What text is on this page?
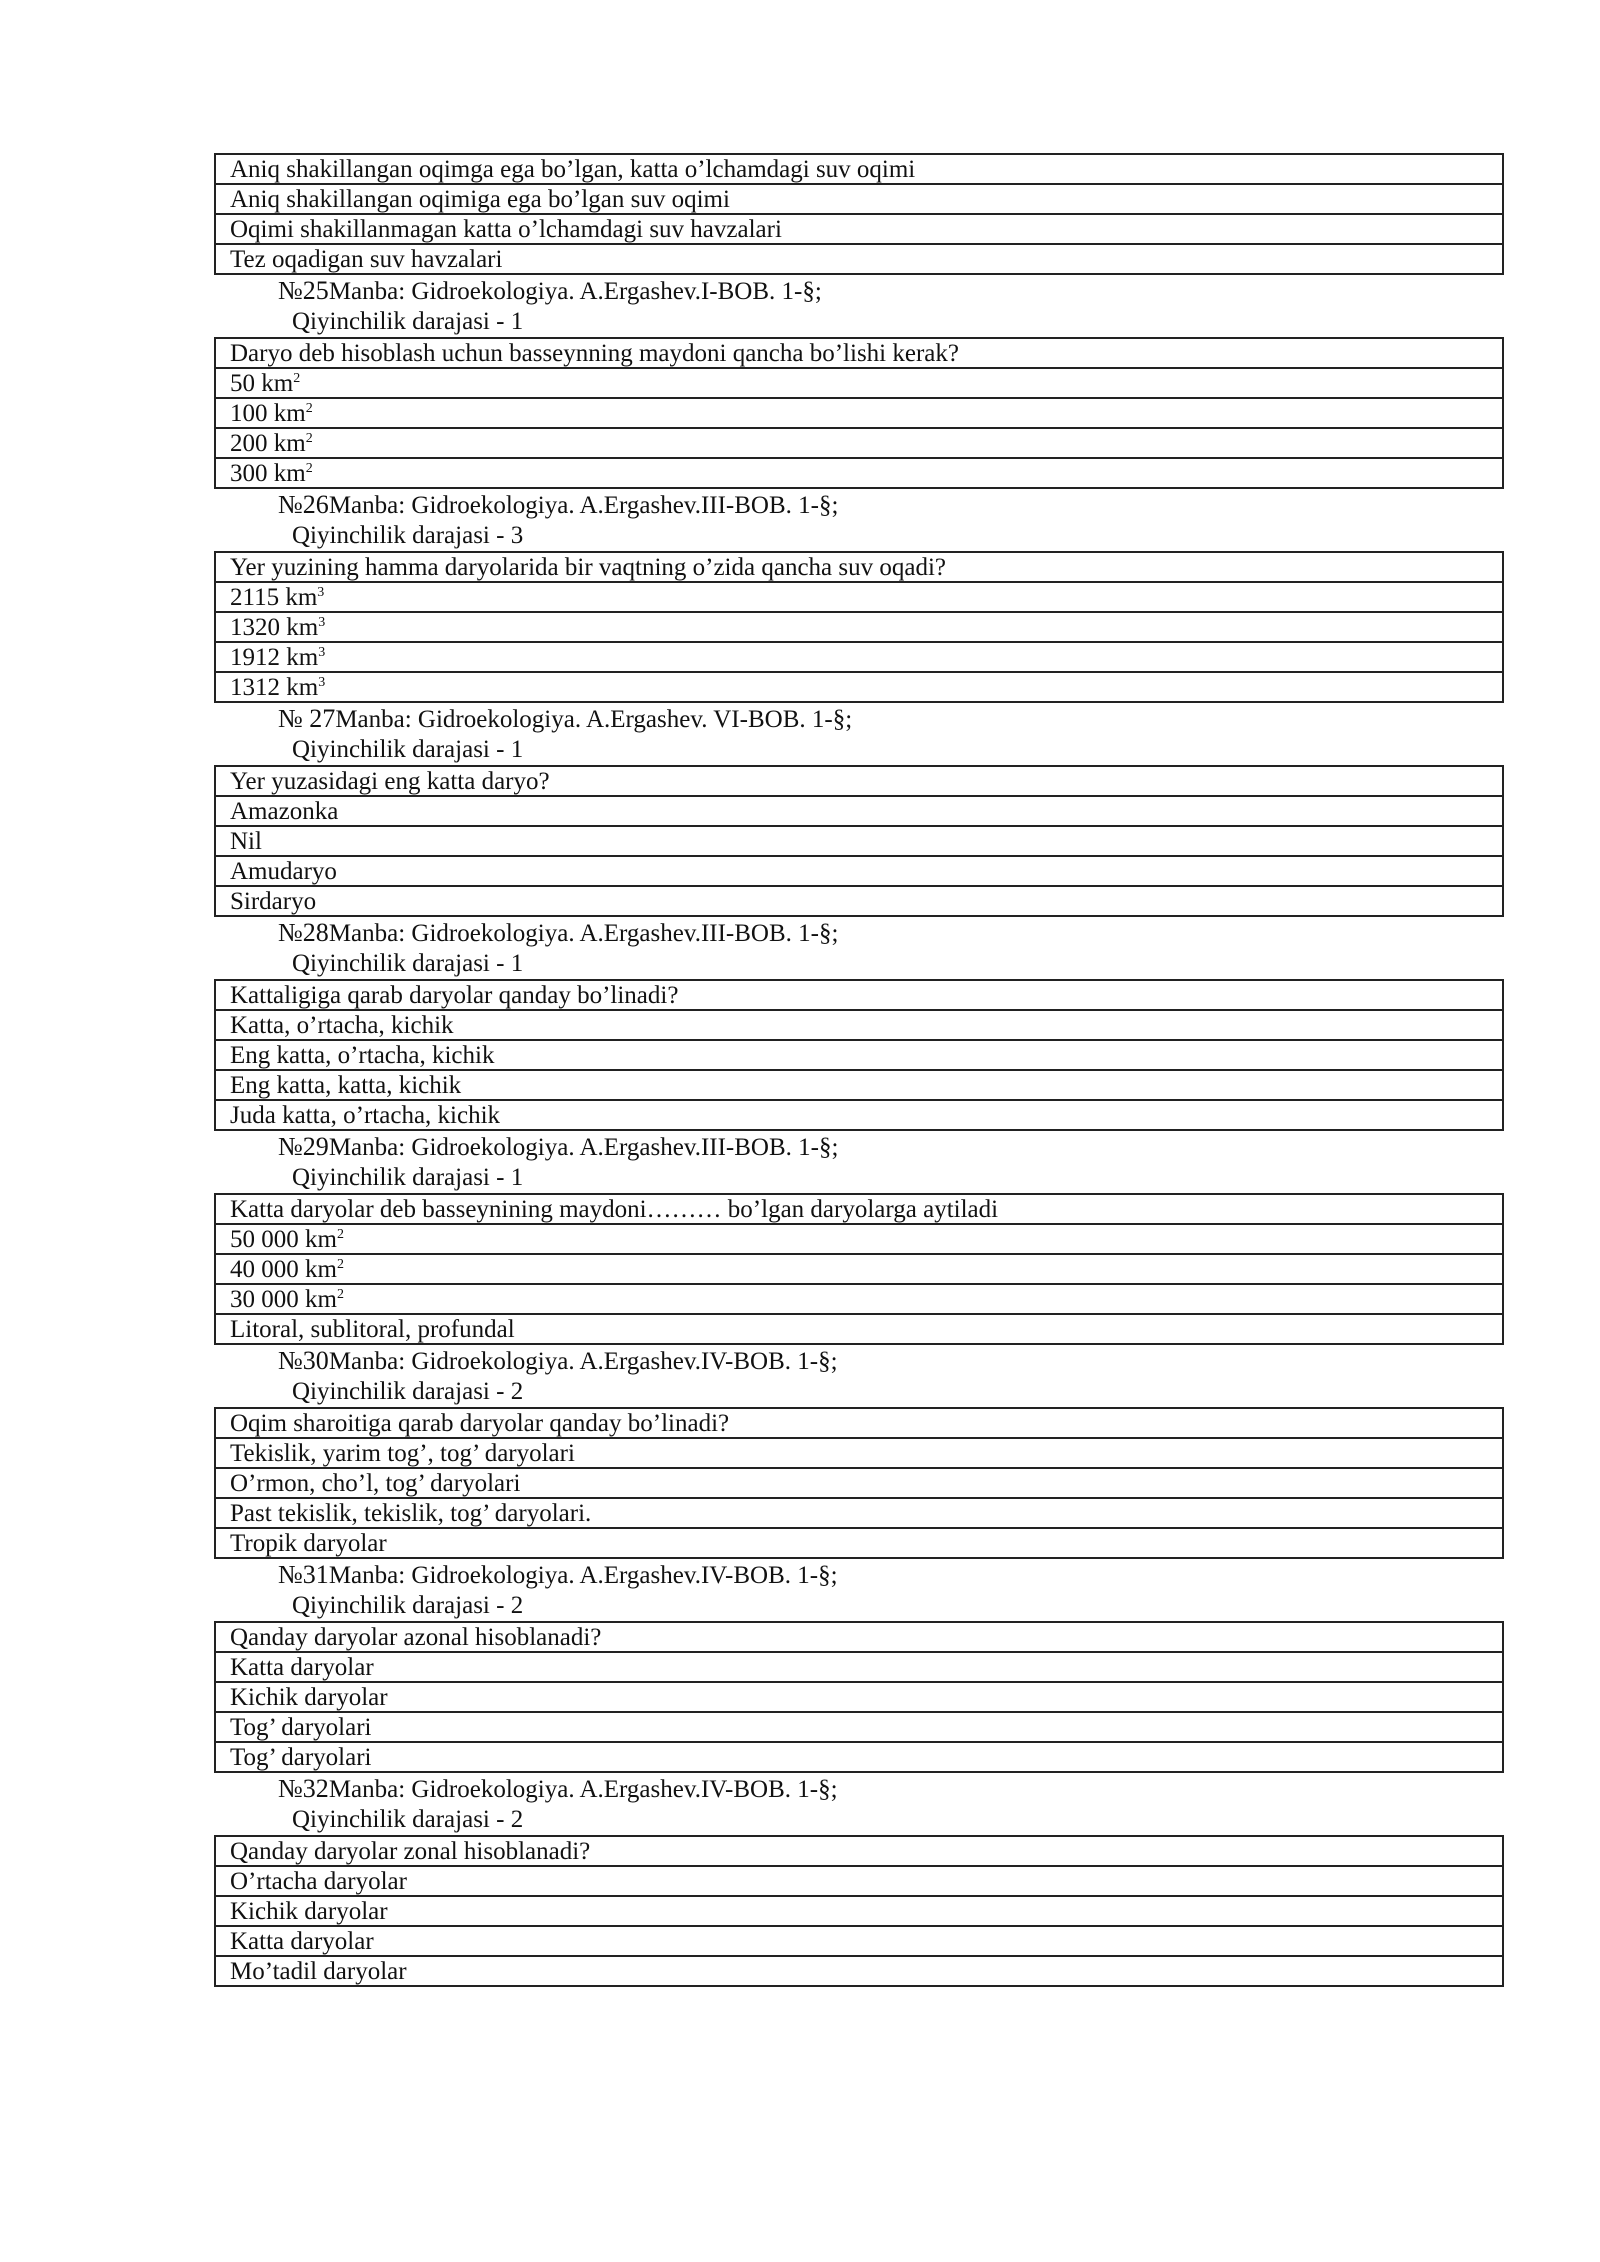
Aniq shakillangan oqimga ega bo’lgan, katta o’lchamdagi suv oqimi
Aniq shakillangan oqimiga ega bo’lgan suv oqimi
Oqimi shakillanmagan katta o’lchamdagi suv havzalari
Tez oqadigan suv havzalari
№25Manba: Gidroekologiya. A.Ergashev.I-BOB. 1-§;
Qiyinchilik darajasi - 1
Daryo deb hisoblash uchun basseynning maydoni qancha bo’lishi kerak?
50 $km^2$
100 $km^2$
200 $km^2$
300 $km^2$
№26Manba: Gidroekologiya. A.Ergashev.III-BOB. 1-§;
Qiyinchilik darajasi - 3
Yer yuzining hamma daryolarida bir vaqtning o’zida qancha suv oqadi?
2115 $km^3$
1320 $km^3$
1912 $km^3$
1312 $km^3$
№ 27Manba: Gidroekologiya. A.Ergashev. VI-BOB. 1-§;
Qiyinchilik darajasi - 1
Yer yuzasidagi eng katta daryo?
Amazonka
Nil
Amudaryo
Sirdaryo
№28Manba: Gidroekologiya. A.Ergashev.III-BOB. 1-§;
Qiyinchilik darajasi - 1
Kattaligiga qarab daryolar qanday bo’linadi?
Katta, o’rtacha, kichik
Eng katta, o’rtacha, kichik
Eng katta, katta, kichik
Juda katta, o’rtacha, kichik
№29Manba: Gidroekologiya. A.Ergashev.III-BOB. 1-§;
Qiyinchilik darajasi - 1
Katta daryolar deb basseynining maydoni……… bo’lgan daryolarga aytiladi
50 000 $km^2$
40 000 $km^2$
30 000 $km^2$
Litoral, sublitoral, profundal
№30Manba: Gidroekologiya. A.Ergashev.IV-BOB. 1-§;
Qiyinchilik darajasi - 2
Oqim sharoitiga qarab daryolar qanday bo’linadi?
Tekislik, yarim tog’, tog’ daryolari
O’rmon, cho’l, tog’ daryolari
Past tekislik, tekislik, tog’ daryolari.
Tropik daryolar
№31Manba: Gidroekologiya. A.Ergashev.IV-BOB. 1-§;
Qiyinchilik darajasi - 2
Qanday daryolar azonal hisoblanadi?
Katta daryolar
Kichik daryolar
Tog’ daryolari
Tog’ daryolari
№32Manba: Gidroekologiya. A.Ergashev.IV-BOB. 1-§;
Qiyinchilik darajasi - 2
Qanday daryolar zonal hisoblanadi?
O’rtacha daryolar
Kichik daryolar
Katta daryolar
Mo’tadil daryolar
